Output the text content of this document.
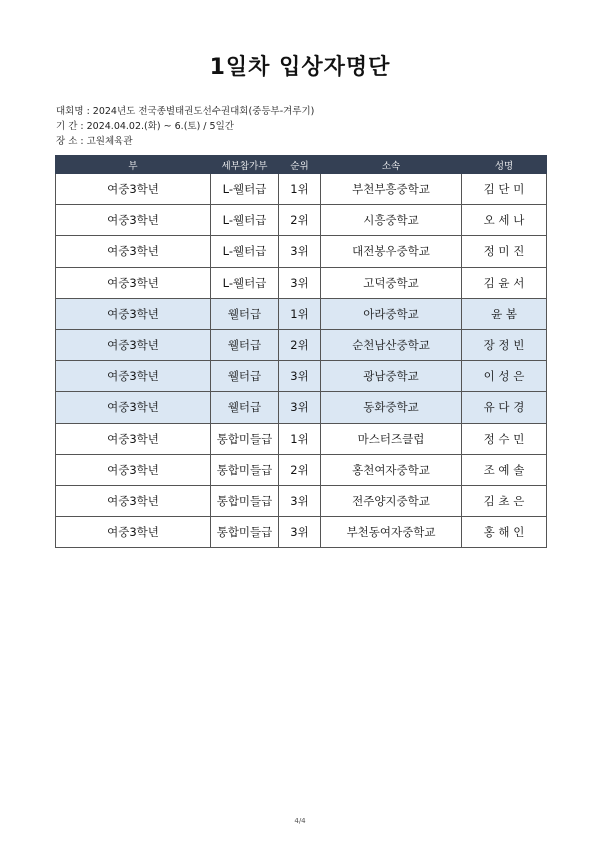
1일차 입상자명단
대회명 : 2024년도 전국종별태권도선수권대회(중등부-겨루기)
기 간 : 2024.04.02.(화) ~ 6.(토) / 5일간
장 소 : 고원체육관
부	세부참가부	순위	소속	성명
여중3학년	L-웰터급	1위	부천부흥중학교	김 단 미
여중3학년	L-웰터급	2위	시흥중학교	오 세 나
여중3학년	L-웰터급	3위	대전봉우중학교	정 미 진
여중3학년	L-웰터급	3위	고덕중학교	김 윤 서
여중3학년	웰터급	1위	아라중학교	윤 봄
여중3학년	웰터급	2위	순천남산중학교	장 정 빈
여중3학년	웰터급	3위	광남중학교	이 성 은
여중3학년	웰터급	3위	동화중학교	유 다 경
여중3학년	통합미들급	1위	마스터즈클럽	정 수 민
여중3학년	통합미들급	2위	홍천여자중학교	조 예 솔
여중3학년	통합미들급	3위	전주양지중학교	김 초 은
여중3학년	통합미들급	3위	부천동여자중학교	홍 해 인
4/4
